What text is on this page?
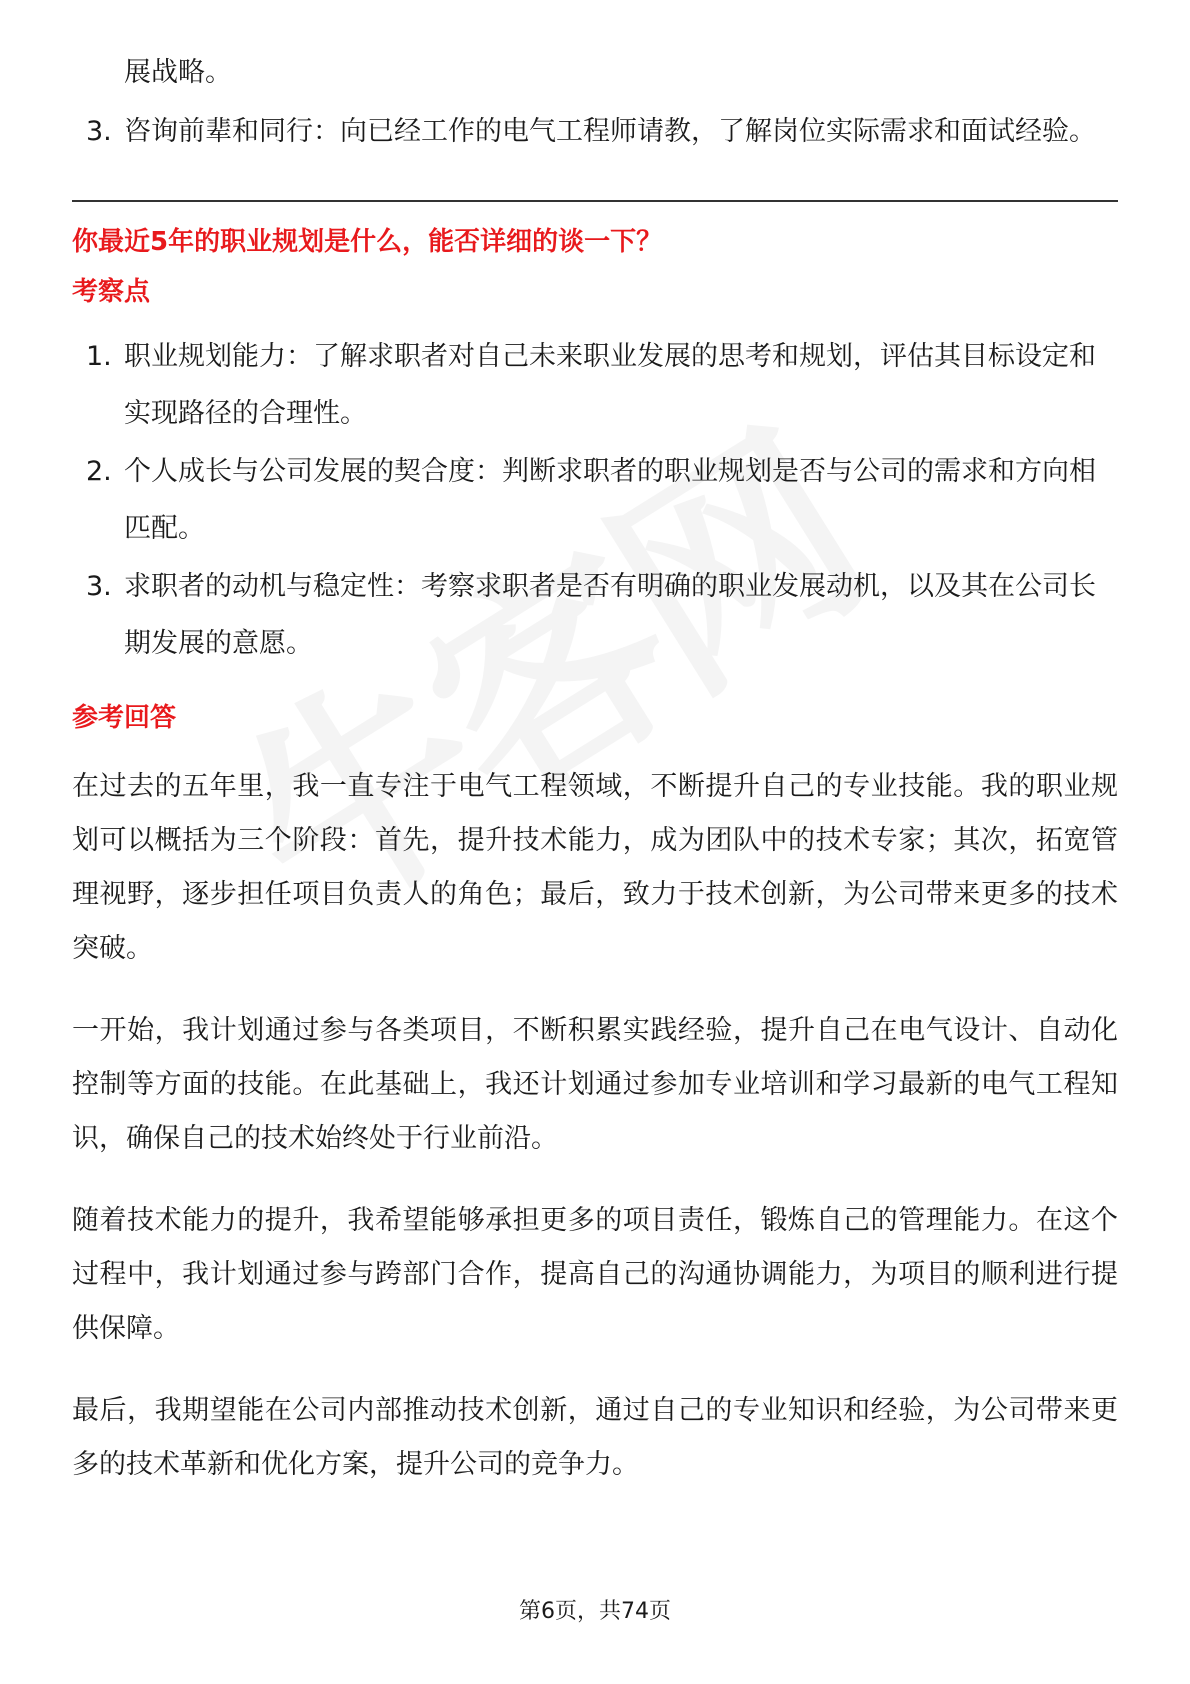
展战略。
3. 咨询前辈和同行：向已经工作的电气工程师请教，了解岗位实际需求和面试经验。
你最近5年的职业规划是什么，能否详细的谈一下？
考察点
1. 职业规划能力：了解求职者对自己未来职业发展的思考和规划，评估其目标设定和实现路径的合理性。
2. 个人成长与公司发展的契合度：判断求职者的职业规划是否与公司的需求和方向相匹配。
3. 求职者的动机与稳定性：考察求职者是否有明确的职业发展动机，以及其在公司长期发展的意愿。
参考回答

在过去的五年里，我一直专注于电气工程领域，不断提升自己的专业技能。我的职业规划可以概括为三个阶段：首先，提升技术能力，成为团队中的技术专家；其次，拓宽管理视野，逐步担任项目负责人的角色；最后，致力于技术创新，为公司带来更多的技术突破。

一开始，我计划通过参与各类项目，不断积累实践经验，提升自己在电气设计、自动化控制等方面的技能。在此基础上，我还计划通过参加专业培训和学习最新的电气工程知识，确保自己的技术始终处于行业前沿。

随着技术能力的提升，我希望能够承担更多的项目责任，锻炼自己的管理能力。在这个过程中，我计划通过参与跨部门合作，提高自己的沟通协调能力，为项目的顺利进行提供保障。

最后，我期望能在公司内部推动技术创新，通过自己的专业知识和经验，为公司带来更多的技术革新和优化方案，提升公司的竞争力。

第6页，共74页
